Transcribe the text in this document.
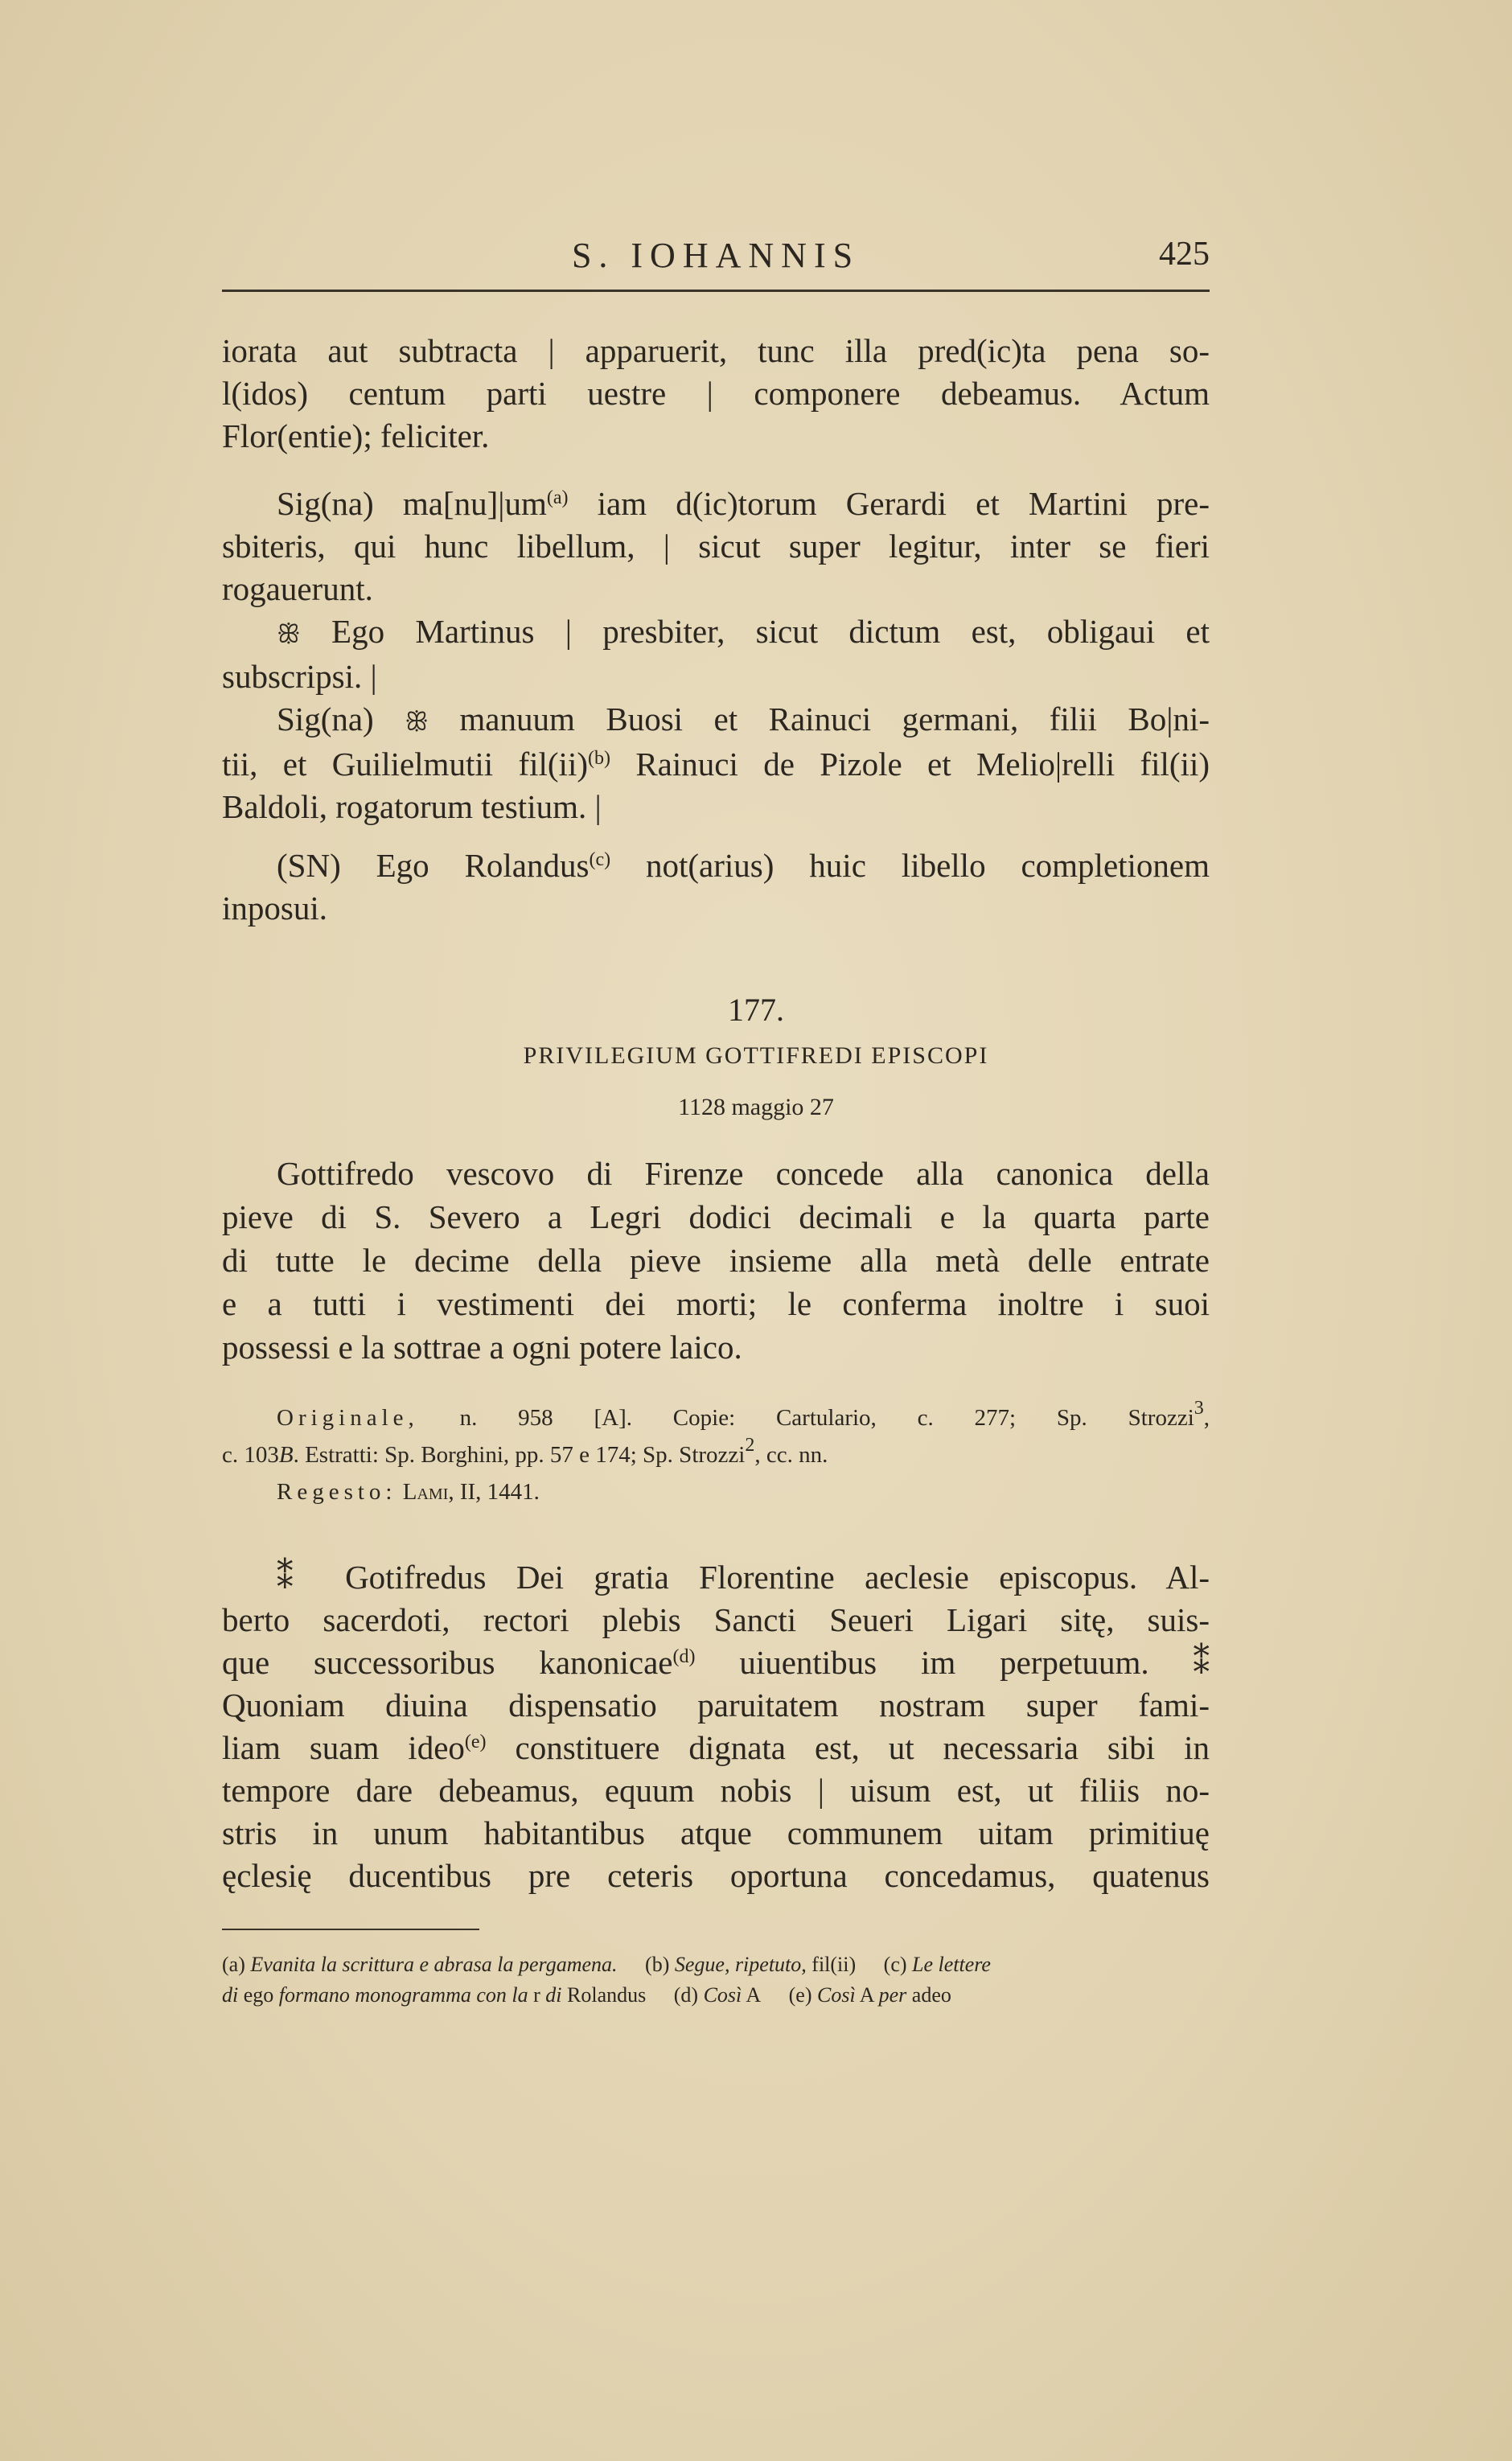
S. IOHANNIS	425
iorata aut subtracta | apparuerit, tunc illa pred(ic)ta pena so-
l(idos) centum parti uestre | componere debeamus. Actum
Flor(entie); feliciter.
Sig(na) $ma[nu]|um^{(a)}$ iam d(ic)torum Gerardi et Martini pre-
sbiteris, qui hunc libellum, | sicut super legitur, inter se fieri
rogauerunt.
ꕥ Ego Martinus | presbiter, sicut dictum est, obligaui et
subscripsi. |
Sig(na) ꕥ manuum Buosi et Rainuci germani, filii Bo|ni-
tii, et Guilielmutii fil(ii)$^{(b)}$ Rainuci de Pizole et Melio|relli fil(ii)
Baldoli, rogatorum testium. |
(SN) Ego Rolandus$^{(c)}$ not(arius) huic libello completionem
inposui.
177.
PRIVILEGIUM GOTTIFREDI EPISCOPI
1128 maggio 27
Gottifredo vescovo di Firenze concede alla canonica della
pieve di S. Severo a Legri dodici decimali e la quarta parte
di tutte le decime della pieve insieme alla metà delle entrate
e a tutti i vestimenti dei morti; le conferma inoltre i suoi
possessi e la sottrae a ogni potere laico.
Originale, n. 958 [A]. Copie: Cartulario, c. 277; Sp. Strozzi$^3$,
c. 103B. Estratti: Sp. Borghini, pp. 57 e 174; Sp. Strozzi$^2$, cc. nn.
Regesto: Lami, II, 1441.
⁑ Gotifredus Dei gratia Florentine aeclesie episcopus. Al-
berto sacerdoti, rectori plebis Sancti Seueri Ligari sitę, suis-
que successoribus kanonicae$^{(d)}$ uiuentibus im perpetuum. ⁑
Quoniam diuina dispensatio paruitatem nostram super fami-
liam suam ideo$^{(e)}$ constituere dignata est, ut necessaria sibi in
tempore dare debeamus, equum nobis | uisum est, ut filiis no-
stris in unum habitantibus atque communem uitam primitiuę
ęclesię ducentibus pre ceteris oportuna concedamus, quatenus
(a) Evanita la scrittura e abrasa la pergamena. (b) Segue, ripetuto, fil(ii) (c) Le lettere
di ego formano monogramma con la r di Rolandus (d) Così A (e) Così A per adeo
